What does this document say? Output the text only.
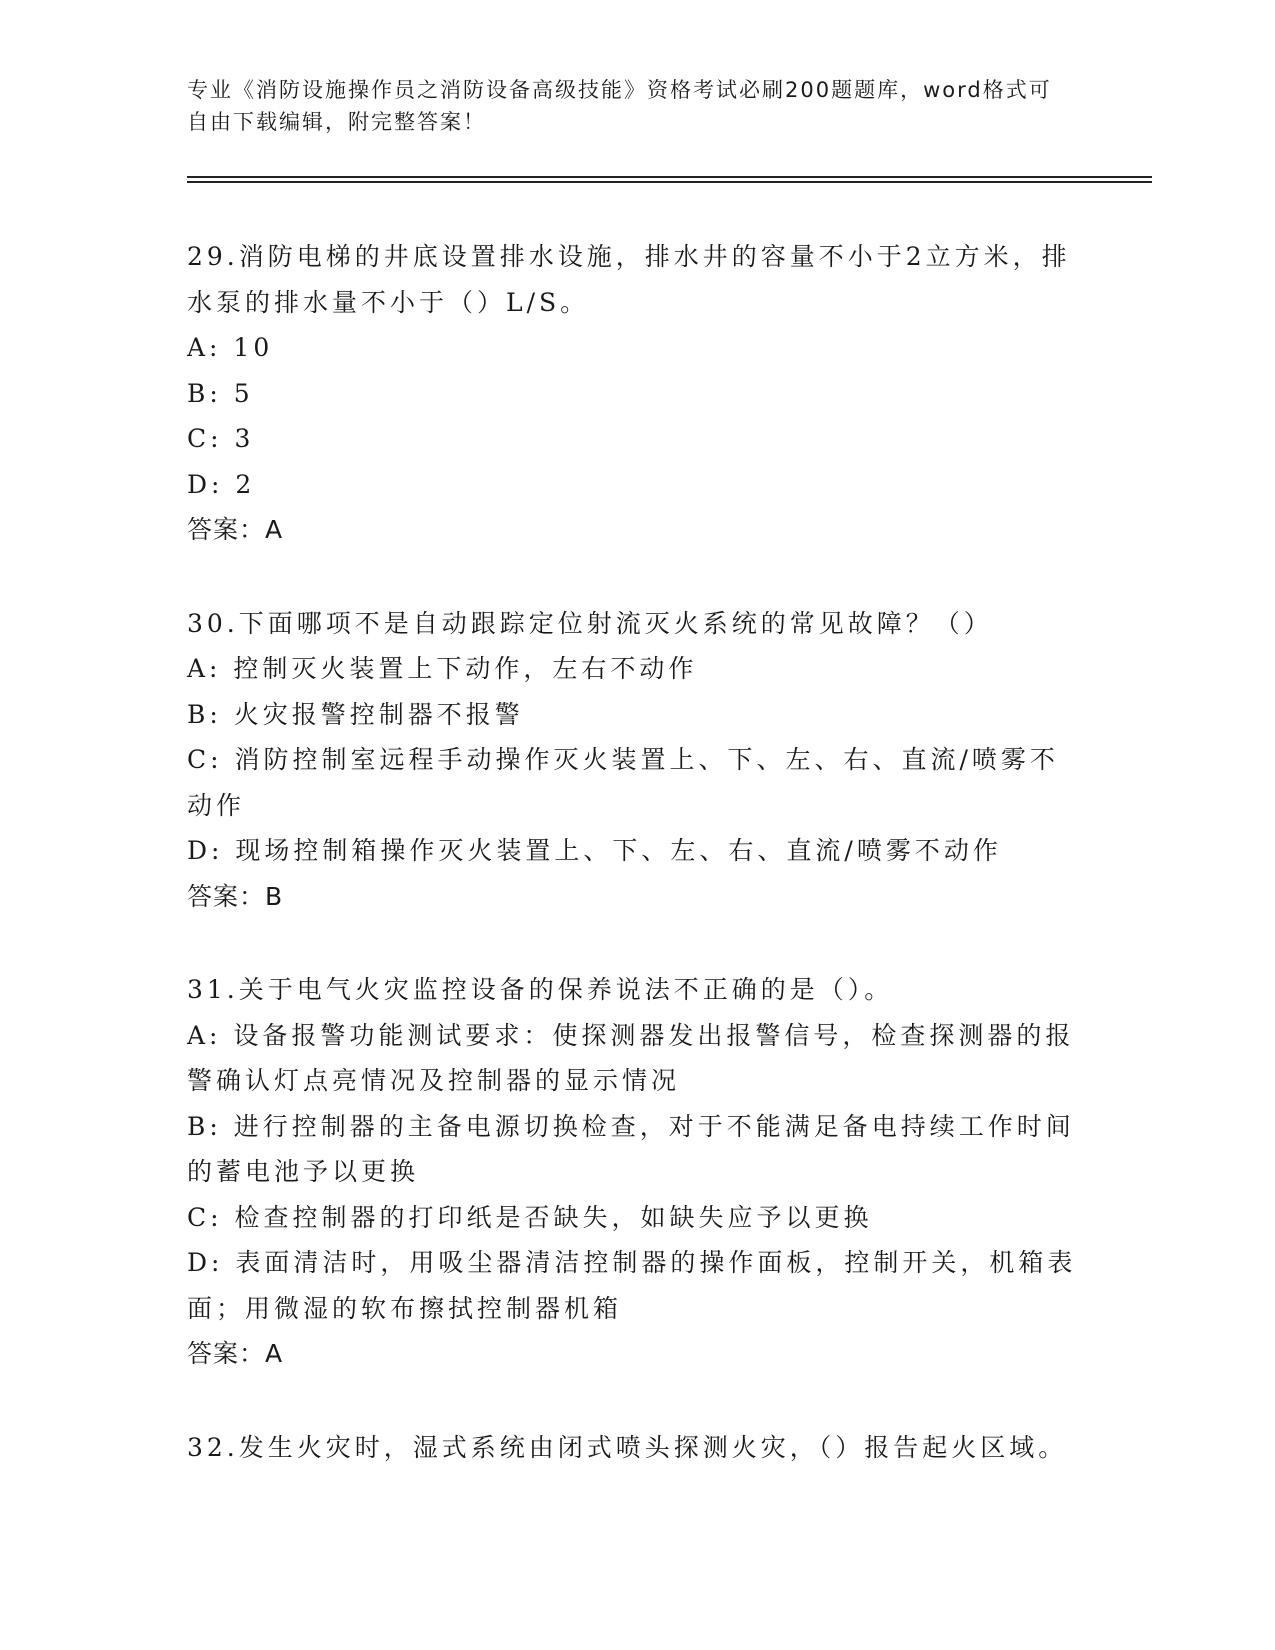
专业《消防设施操作员之消防设备高级技能》资格考试必刷200题题库，word格式可自由下载编辑，附完整答案！

29.消防电梯的井底设置排水设施，排水井的容量不小于2立方米，排水泵的排水量不小于（）L/S。

A: 10

B: 5

C: 3

D: 2

答案：A

30.下面哪项不是自动跟踪定位射流灭火系统的常见故障？（）

A: 控制灭火装置上下动作，左右不动作

B: 火灾报警控制器不报警

C: 消防控制室远程手动操作灭火装置上、下、左、右、直流/喷雾不动作

D: 现场控制箱操作灭火装置上、下、左、右、直流/喷雾不动作

答案：B

31.关于电气火灾监控设备的保养说法不正确的是（）。

A: 设备报警功能测试要求：使探测器发出报警信号，检查探测器的报警确认灯点亮情况及控制器的显示情况

B: 进行控制器的主备电源切换检查，对于不能满足备电持续工作时间的蓄电池予以更换

C: 检查控制器的打印纸是否缺失，如缺失应予以更换

D: 表面清洁时，用吸尘器清洁控制器的操作面板，控制开关，机箱表面；用微湿的软布擦拭控制器机箱

答案：A

32.发生火灾时，湿式系统由闭式喷头探测火灾，（）报告起火区域。
